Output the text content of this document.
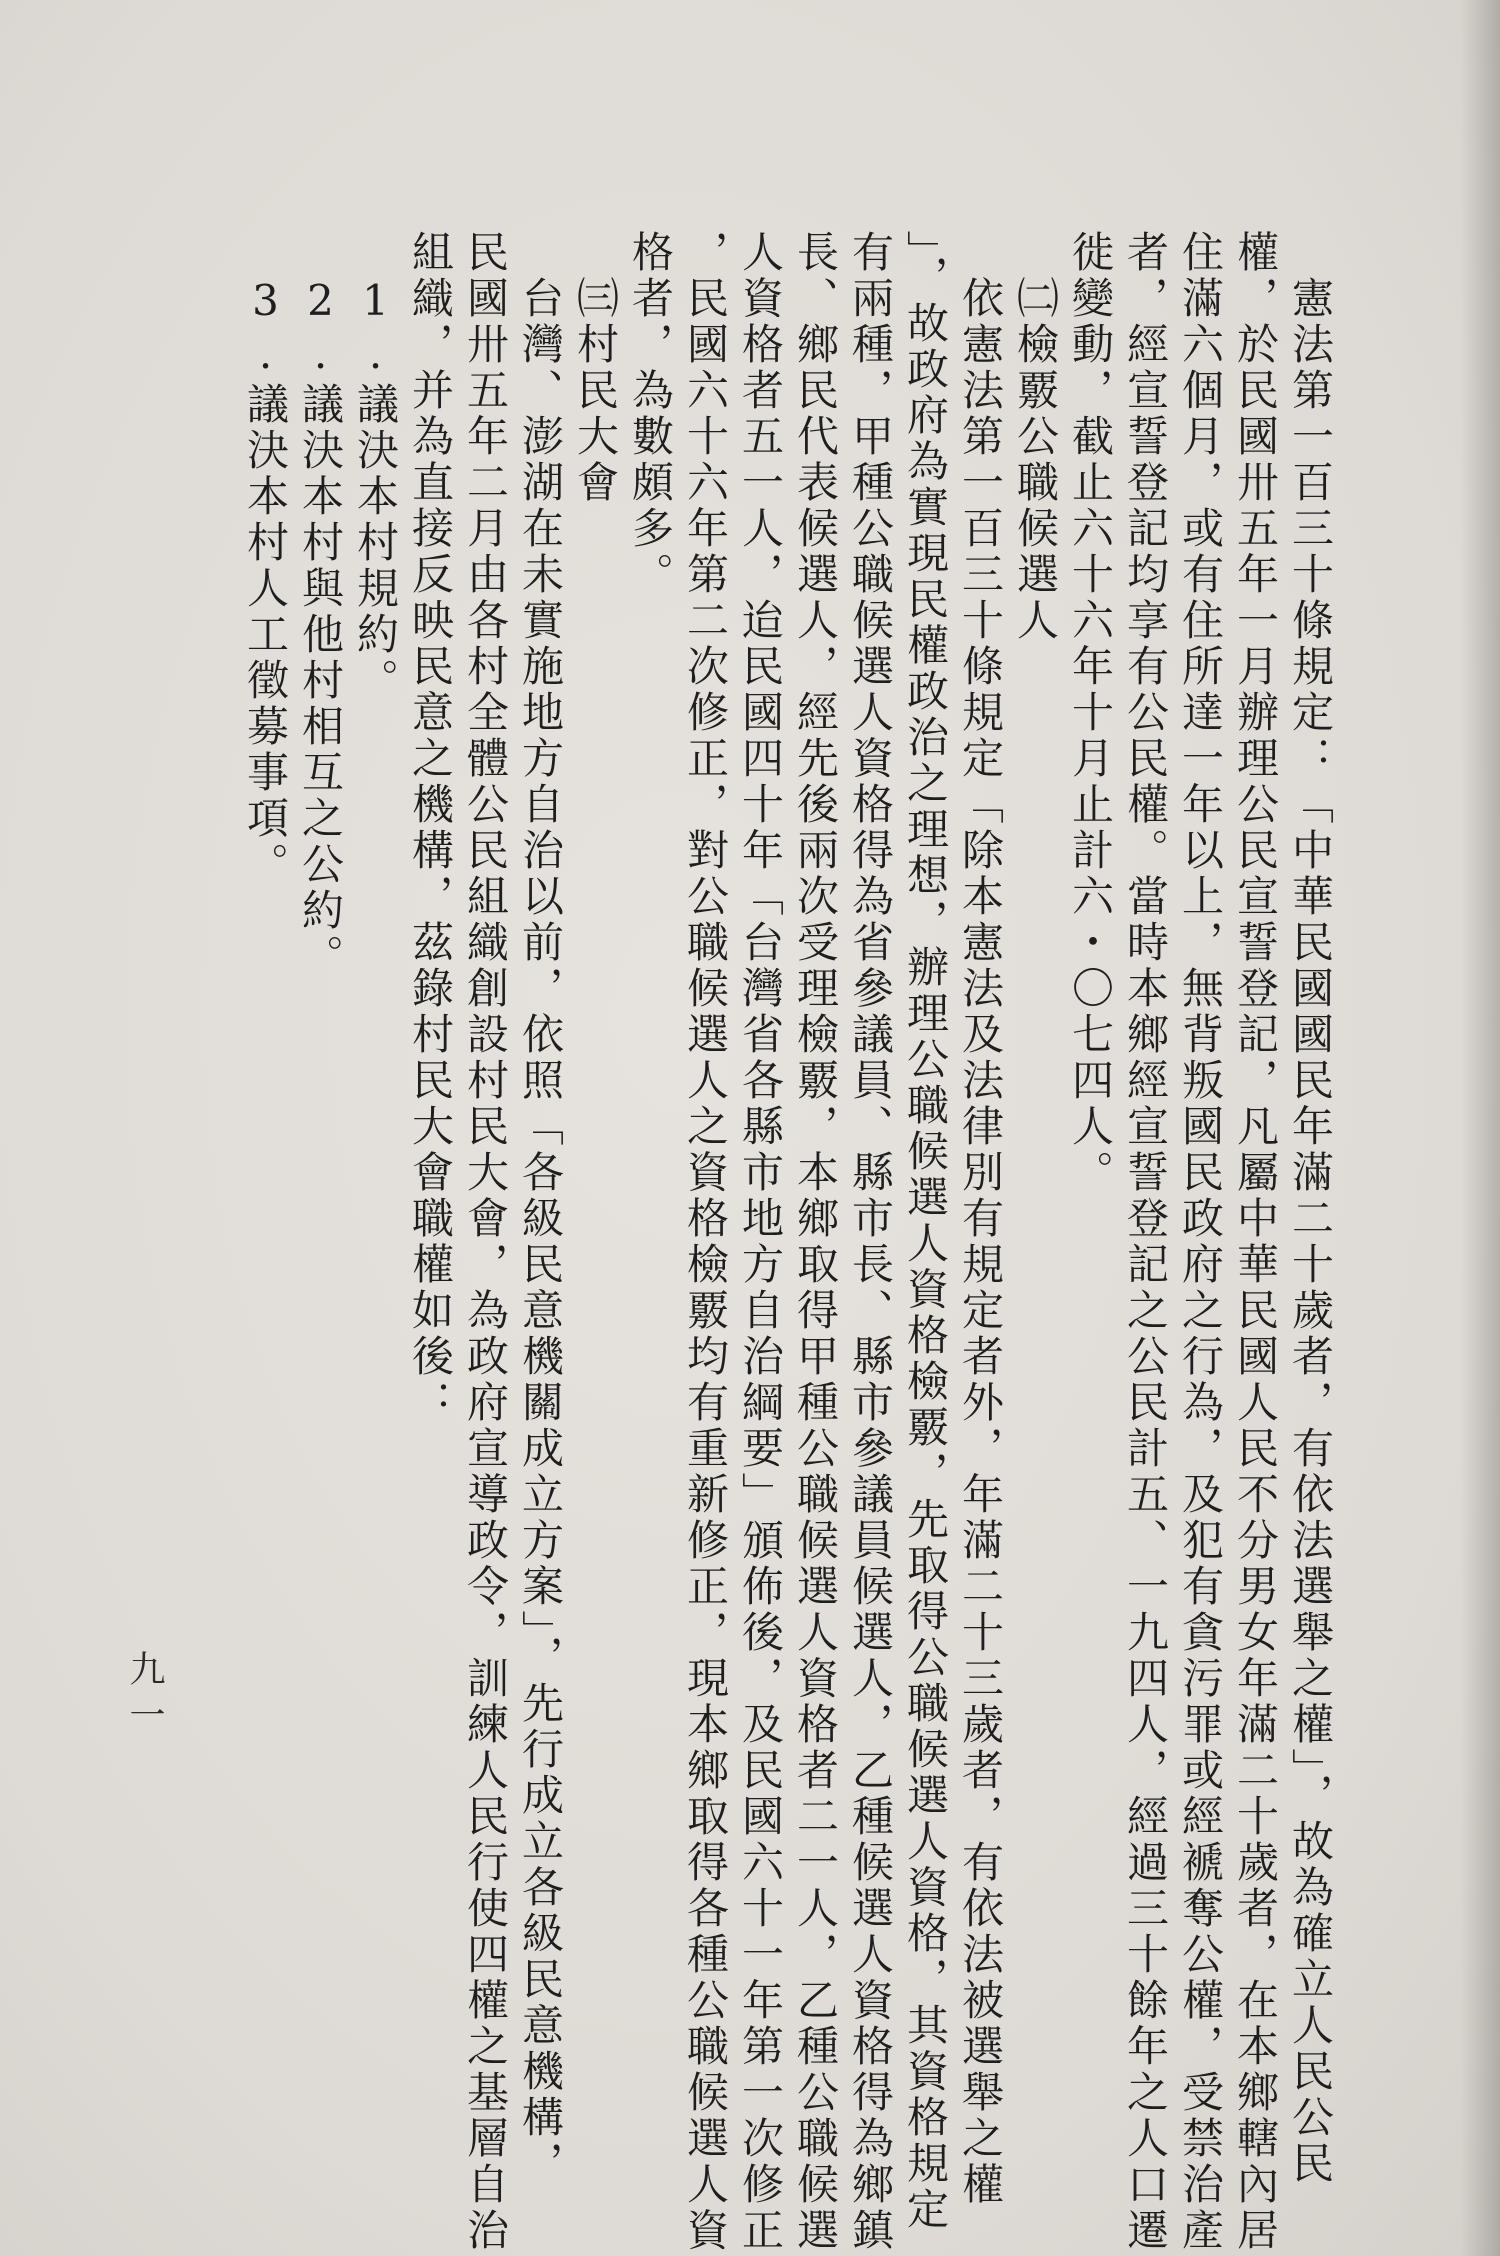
　憲法第一百三十條規定：「中華民國國民年滿二十歲者，有依法選舉之權」，故為確立人民公民
權，於民國卅五年一月辦理公民宣誓登記，凡屬中華民國人民不分男女年滿二十歲者，在本鄉轄內居
住滿六個月，或有住所達一年以上，無背叛國民政府之行為，及犯有貪污罪或經褫奪公權，受禁治產
者，經宣誓登記均享有公民權。當時本鄉經宣誓登記之公民計五、一九四人，經過三十餘年之人口遷
徙變動，截止六十六年十月止計六・〇七四人。
　㈡檢覈公職候選人
　依憲法第一百三十條規定「除本憲法及法律別有規定者外，年滿二十三歲者，有依法被選舉之權
」，故政府為實現民權政治之理想，辦理公職候選人資格檢覈，先取得公職候選人資格，其資格規定
有兩種，甲種公職候選人資格得為省參議員、縣市長、縣市參議員候選人，乙種候選人資格得為鄉鎮
長、鄉民代表候選人，經先後兩次受理檢覈，本鄉取得甲種公職候選人資格者二一人，乙種公職候選
人資格者五一人，迨民國四十年「台灣省各縣市地方自治綱要」頒佈後，及民國六十一年第一次修正
，民國六十六年第二次修正，對公職候選人之資格檢覈均有重新修正，現本鄉取得各種公職候選人資
格者，為數頗多。
　㈢村民大會
　台灣、澎湖在未實施地方自治以前，依照「各級民意機關成立方案」，先行成立各級民意機構，
民國卅五年二月由各村全體公民組織創設村民大會，為政府宣導政令，訓練人民行使四權之基層自治
組織，并為直接反映民意之機構，茲錄村民大會職權如後：
　1.議決本村規約。
　2.議決本村與他村相互之公約。
　3.議決本村人工徵募事項。
九一
